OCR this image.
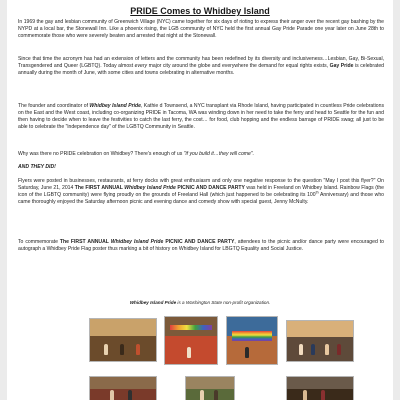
PRIDE Comes to Whidbey Island

In 1969 the gay and lesbian community of Greenwich Village (NYC) came together for six days of rioting to express their anger over the recent gay bashing by the NYPD at a local bar, the Stonewall Inn. Like a phoenix rising, the LGB community of NYC held the first annual Gay Pride Parade one year later on June 28th to commemorate those who were severely beaten and arrested that night at the Stonewall.

Since that time the acronym has had an extension of letters and the community has been redefined by its diversity and inclusiveness…Lesbian, Gay, Bi-Sexual, Transgendered and Queer (LGBTQ). Today almost every major city around the globe and everywhere the demand for equal rights exists, Gay Pride is celebrated annually during the month of June, with some cities and towns celebrating in alternative months.

The founder and coordinator of Whidbey Island Pride, Kathie d Townsend, a NYC transplant via Rhode Island, having participated in countless Pride celebrations on the East and the West coast, including co-organizing PRIDE in Tacoma, WA was winding down in her need to take the ferry and head to Seattle for the fun and then having to decide when to leave the festivities to catch the last ferry, the cost… for food, club hopping and the endless barrage of PRIDE swag; all just to be able to celebrate the "independence day" of the LGBTQ Community in Seattle.

Why was there no PRIDE celebration on Whidbey? There's enough of us "if you build it…they will come".

AND THEY DID!

Flyers were posted in businesses, restaurants, at ferry docks with great enthusiasm and only one negative response to the question "May I post this flyer?" On Saturday, June 21, 2014 The FIRST ANNUAL Whidbey Island Pride PICNIC AND DANCE PARTY was held in Freeland on Whidbey Island. Rainbow Flags (the icon of the LGBTQ community) were flying proudly on the grounds of Freeland Hall (which just happened to be celebrating its 100th Anniversary) and those who came thoroughly enjoyed the Saturday afternoon picnic and evening dance and comedy show with special guest, Jenny McNulty.

To commemorate The FIRST ANNUAL Whidbey Island Pride PICNIC AND DANCE PARTY, attendees to the picnic and/or dance party were encouraged to autograph a Whidbey Pride Flag poster thus marking a bit of history on Whidbey Island for LBGTQ Equality and Social Justice.

Whidbey Island Pride is a Washington State non-profit organization.
